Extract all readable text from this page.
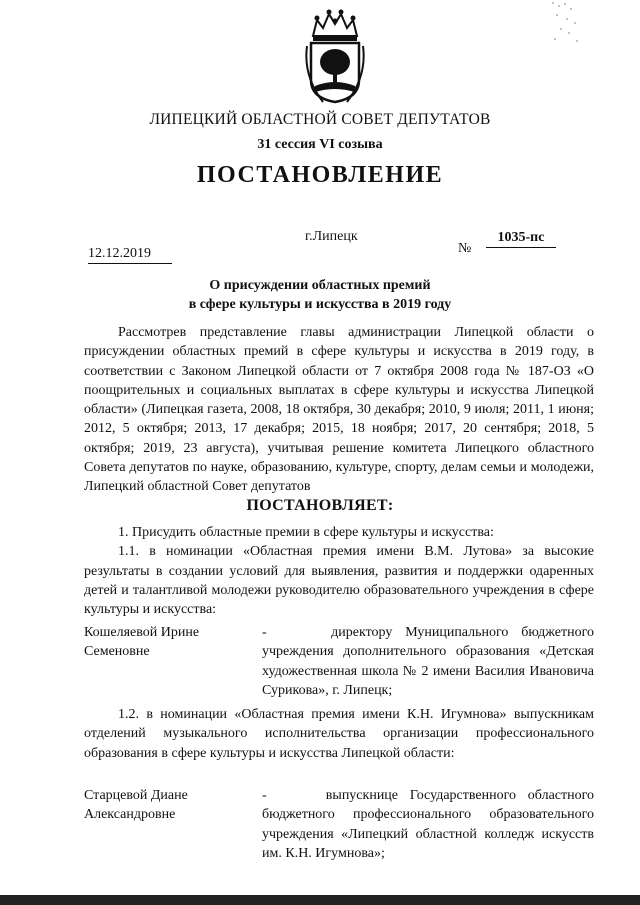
ЛИПЕЦКИЙ ОБЛАСТНОЙ СОВЕТ ДЕПУТАТОВ
31 сессия VI созыва
ПОСТАНОВЛЕНИЕ
12.12.2019
г.Липецк
№
1035-пс
О присуждении областных премий
в сфере культуры и искусства в 2019 году
Рассмотрев представление главы администрации Липецкой области о присуждении областных премий в сфере культуры и искусства в 2019 году, в соответствии с Законом Липецкой области от 7 октября 2008 года № 187-ОЗ «О поощрительных и социальных выплатах в сфере культуры и искусства Липецкой области» (Липецкая газета, 2008, 18 октября, 30 декабря; 2010, 9 июля; 2011, 1 июня; 2012, 5 октября; 2013, 17 декабря; 2015, 18 ноября; 2017, 20 сентября; 2018, 5 октября; 2019, 23 августа), учитывая решение комитета Липецкого областного Совета депутатов по науке, образованию, культуре, спорту, делам семьи и молодежи, Липецкий областной Совет депутатов
ПОСТАНОВЛЯЕТ:
1. Присудить областные премии в сфере культуры и искусства:
1.1. в номинации «Областная премия имени В.М. Лутова» за высокие результаты в создании условий для выявления, развития и поддержки одаренных детей и талантливой молодежи руководителю образовательного учреждения в сфере культуры и искусства:
Кошеляевой Ирине
Семеновне
-	директору Муниципального бюджетного учреждения дополнительного образования «Детская художественная школа № 2 имени Василия Ивановича Сурикова», г. Липецк;
1.2. в номинации «Областная премия имени К.Н. Игумнова» выпускникам отделений музыкального исполнительства организации профессионального образования в сфере культуры и искусства Липецкой области:
Старцевой Диане
Александровне
-	выпускнице Государственного областного бюджетного профессионального образовательного учреждения «Липецкий областной колледж искусств им. К.Н. Игумнова»;
